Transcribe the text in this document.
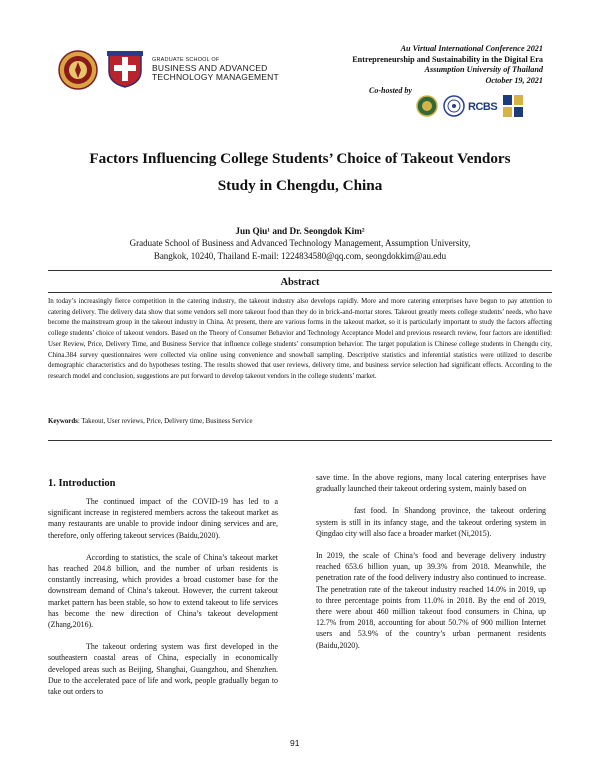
GRADUATE SCHOOL OF
BUSINESS AND ADVANCED
TECHNOLOGY MANAGEMENT
Au Virtual International Conference 2021
Entrepreneurship and Sustainability in the Digital Era
Assumption University of Thailand
October 19, 2021
Co-hosted by
RCBS
Factors Influencing College Students’ Choice of Takeout Vendors
Study in Chengdu, China
Jun Qiu¹ and Dr. Seongdok Kim²
Graduate School of Business and Advanced Technology Management, Assumption University,
Bangkok, 10240, Thailand E-mail: 1224834580@qq.com, seongdokkim@au.edu
Abstract
In today’s increasingly fierce competition in the catering industry, the takeout industry also develops rapidly. More and more catering enterprises have begun to pay attention to catering delivery. The delivery data show that some vendors sell more takeout food than they do in brick-and-mortar stores. Takeout greatly meets college students’ needs, who have become the mainstream group in the takeout industry in China. At present, there are various forms in the takeout market, so it is particularly important to study the factors affecting college students’ choice of takeout vendors. Based on the Theory of Consumer Behavior and Technology Acceptance Model and previous research review, four factors are identified: User Review, Price, Delivery Time, and Business Service that influence college students’ consumption behavior. The target population is Chinese college students in Chengdu city, China.384 survey questionnaires were collected via online using convenience and snowball sampling. Descriptive statistics and inferential statistics were utilized to describe demographic characteristics and do hypotheses testing. The results showed that user reviews, delivery time, and business service selection had significant effects. According to the research model and conclusion, suggestions are put forward to develop takeout vendors in the college students’ market.
Keywords: Takeout, User reviews, Price, Delivery time, Business Service
1. Introduction

The continued impact of the COVID-19 has led to a significant increase in registered members across the takeout market as many restaurants are unable to provide indoor dining services and are, therefore, only offering takeout services (Baidu,2020).

According to statistics, the scale of China’s takeout market has reached 204.8 billion, and the number of urban residents is constantly increasing, which provides a broad customer base for the downstream demand of China’s takeout. However, the current takeout market pattern has been stable, so how to extend takeout to life services has become the new direction of China’s takeout development (Zhang,2016).

The takeout ordering system was first developed in the southeastern coastal areas of China, especially in economically developed areas such as Beijing, Shanghai, Guangzhou, and Shenzhen. Due to the accelerated pace of life and work, people gradually began to take out orders to

save time. In the above regions, many local catering enterprises have gradually launched their takeout ordering system, mainly based on

fast food. In Shandong province, the takeout ordering system is still in its infancy stage, and the takeout ordering system in Qingdao city will also face a broader market (Ni,2015).

In 2019, the scale of China’s food and beverage delivery industry reached 653.6 billion yuan, up 39.3% from 2018. Meanwhile, the penetration rate of the food delivery industry also continued to increase. The penetration rate of the takeout industry reached 14.0% in 2019, up to three percentage points from 11.0% in 2018. By the end of 2019, there were about 460 million takeout food consumers in China, up 12.7% from 2018, accounting for about 50.7% of 900 million Internet users and 53.9% of the country’s urban permanent residents (Baidu,2020).

91
